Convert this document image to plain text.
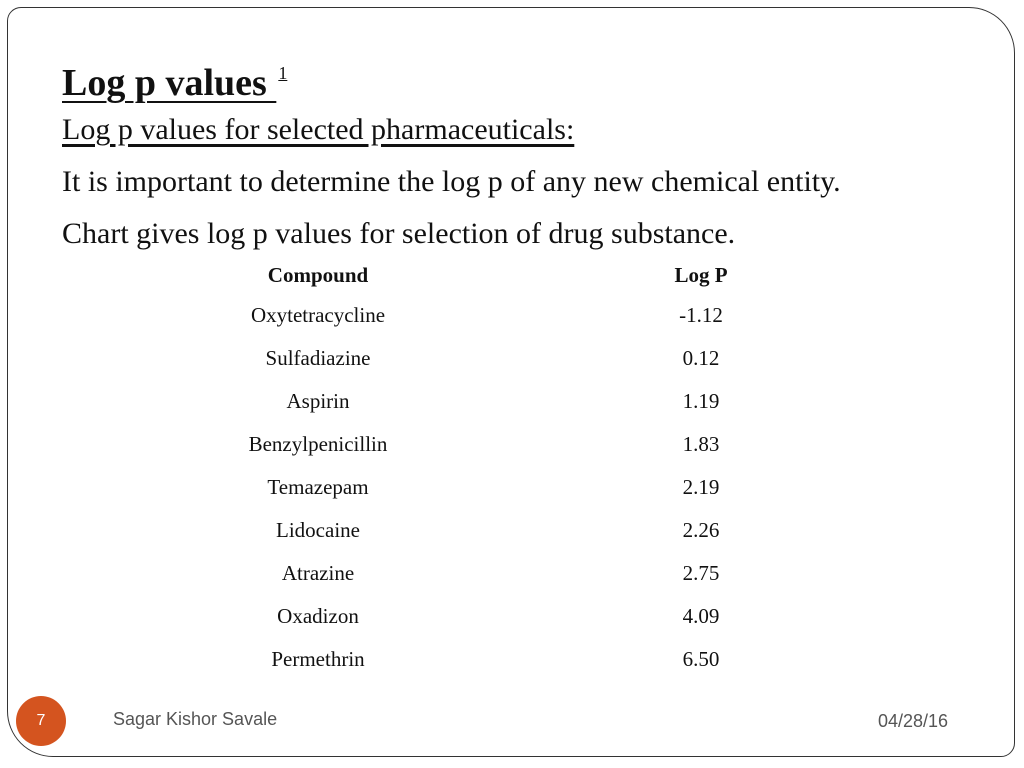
Log p values $^1$
Log p values for selected pharmaceuticals:
It is important to determine the log p of any new chemical entity.
Chart gives log p values for selection of drug substance.
Compound		Log P
Oxytetracycline		-1.12
Sulfadiazine		0.12
Aspirin		1.19
Benzylpenicillin		1.83
Temazepam		2.19
Lidocaine		2.26
Atrazine		2.75
Oxadizon		4.09
Permethrin		6.50
7	Sagar Kishor Savale	04/28/16
